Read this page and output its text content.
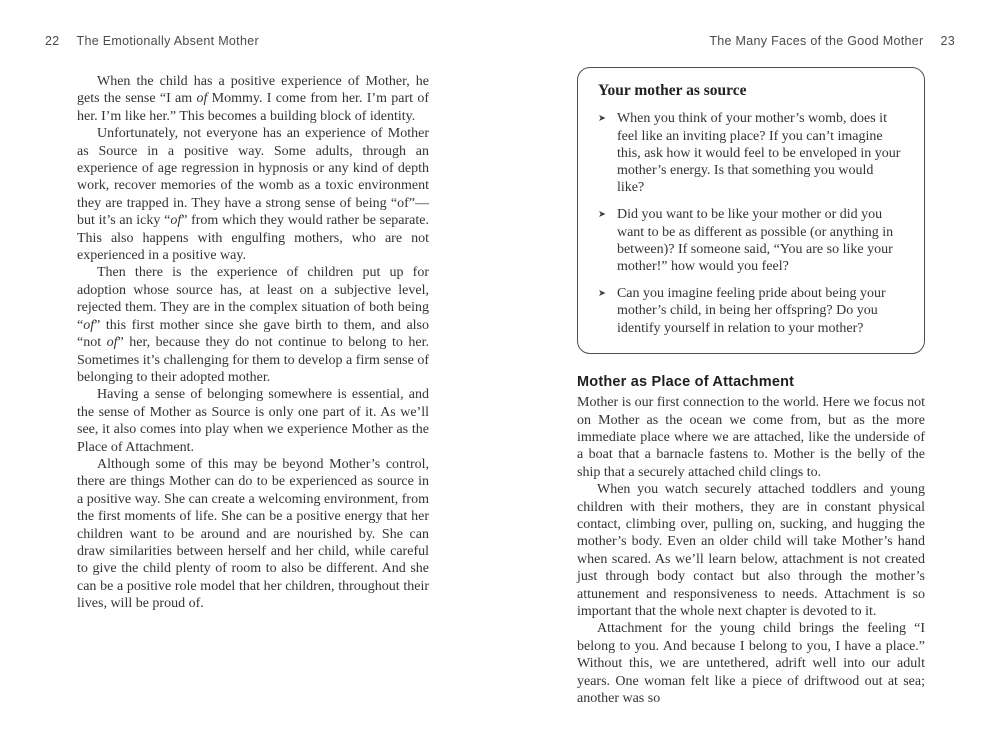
22 The Emotionally Absent Mother	The Many Faces of the Good Mother 23

When the child has a positive experience of Mother, he gets the sense “I am of Mommy. I come from her. I’m part of her. I’m like her.” This becomes a building block of identity.

Unfortunately, not everyone has an experience of Mother as Source in a positive way. Some adults, through an experience of age regression in hypnosis or any kind of depth work, recover memories of the womb as a toxic environment they are trapped in. They have a strong sense of being “of”—but it’s an icky “of” from which they would rather be separate. This also happens with engulfing mothers, who are not experienced in a positive way.

Then there is the experience of children put up for adoption whose source has, at least on a subjective level, rejected them. They are in the complex situation of both being “of” this first mother since she gave birth to them, and also “not of” her, because they do not continue to belong to her. Sometimes it’s challenging for them to develop a firm sense of belonging to their adopted mother.

Having a sense of belonging somewhere is essential, and the sense of Mother as Source is only one part of it. As we’ll see, it also comes into play when we experience Mother as the Place of Attachment.

Although some of this may be beyond Mother’s control, there are things Mother can do to be experienced as source in a positive way. She can create a welcoming environment, from the first moments of life. She can be a positive energy that her children want to be around and are nourished by. She can draw similarities between herself and her child, while careful to give the child plenty of room to also be different. And she can be a positive role model that her children, throughout their lives, will be proud of.

Your mother as source
➤ When you think of your mother’s womb, does it feel like an inviting place? If you can’t imagine this, ask how it would feel to be enveloped in your mother’s energy. Is that something you would like?
➤ Did you want to be like your mother or did you want to be as different as possible (or anything in between)? If someone said, “You are so like your mother!” how would you feel?
➤ Can you imagine feeling pride about being your mother’s child, in being her offspring? Do you identify yourself in relation to your mother?
Mother as Place of Attachment

Mother is our first connection to the world. Here we focus not on Mother as the ocean we come from, but as the more immediate place where we are attached, like the underside of a boat that a barnacle fastens to. Mother is the belly of the ship that a securely attached child clings to.

When you watch securely attached toddlers and young children with their mothers, they are in constant physical contact, climbing over, pulling on, sucking, and hugging the mother’s body. Even an older child will take Mother’s hand when scared. As we’ll learn below, attachment is not created just through body contact but also through the mother’s attunement and responsiveness to needs. Attachment is so important that the whole next chapter is devoted to it.

Attachment for the young child brings the feeling “I belong to you. And because I belong to you, I have a place.” Without this, we are untethered, adrift well into our adult years. One woman felt like a piece of driftwood out at sea; another was so
